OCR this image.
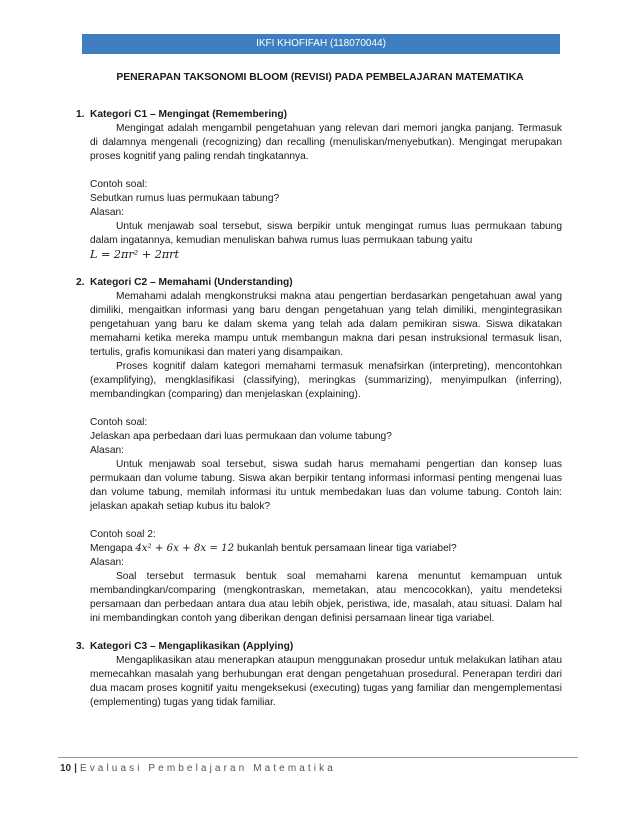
IKFI KHOFIFAH (118070044)
PENERAPAN TAKSONOMI BLOOM (REVISI) PADA PEMBELAJARAN MATEMATIKA
1. Kategori C1 – Mengingat (Remembering)
Mengingat adalah mengambil pengetahuan yang relevan dari memori jangka panjang. Termasuk di dalamnya mengenali (recognizing) dan recalling (menuliskan/menyebutkan). Mengingat merupakan proses kognitif yang paling rendah tingkatannya.
Contoh soal:
Sebutkan rumus luas permukaan tabung?
Alasan:
Untuk menjawab soal tersebut, siswa berpikir untuk mengingat rumus luas permukaan tabung dalam ingatannya, kemudian menuliskan bahwa rumus luas permukaan tabung yaitu
L = 2πr² + 2πrt
2. Kategori C2 – Memahami (Understanding)
Memahami adalah mengkonstruksi makna atau pengertian berdasarkan pengetahuan awal yang dimiliki, mengaitkan informasi yang baru dengan pengetahuan yang telah dimiliki, mengintegrasikan pengetahuan yang baru ke dalam skema yang telah ada dalam pemikiran siswa. Siswa dikatakan memahami ketika mereka mampu untuk membangun makna dari pesan instruksional termasuk lisan, tertulis, grafis komunikasi dan materi yang disampaikan.
Proses kognitif dalam kategori memahami termasuk menafsirkan (interpreting), mencontohkan (examplifying), mengklasifikasi (classifying), meringkas (summarizing), menyimpulkan (inferring), membandingkan (comparing) dan menjelaskan (explaining).
Contoh soal:
Jelaskan apa perbedaan dari luas permukaan dan volume tabung?
Alasan:
Untuk menjawab soal tersebut, siswa sudah harus memahami pengertian dan konsep luas permukaan dan volume tabung. Siswa akan berpikir tentang informasi informasi penting mengenai luas dan volume tabung, memilah informasi itu untuk membedakan luas dan volume tabung. Contoh lain: jelaskan apakah setiap kubus itu balok?
Contoh soal 2:
Mengapa 4x² + 6x + 8x = 12 bukanlah bentuk persamaan linear tiga variabel?
Alasan:
Soal tersebut termasuk bentuk soal memahami karena menuntut kemampuan untuk membandingkan/comparing (mengkontraskan, memetakan, atau mencocokkan), yaitu mendeteksi persamaan dan perbedaan antara dua atau lebih objek, peristiwa, ide, masalah, atau situasi. Dalam hal ini membandingkan contoh yang diberikan dengan definisi persamaan linear tiga variabel.
3. Kategori C3 – Mengaplikasikan (Applying)
Mengaplikasikan atau menerapkan ataupun menggunakan prosedur untuk melakukan latihan atau memecahkan masalah yang berhubungan erat dengan pengetahuan prosedural. Penerapan terdiri dari dua macam proses kognitif yaitu mengeksekusi (executing) tugas yang familiar dan mengemplementasi (emplementing) tugas yang tidak familiar.
10 | Evaluasi Pembelajaran Matematika
